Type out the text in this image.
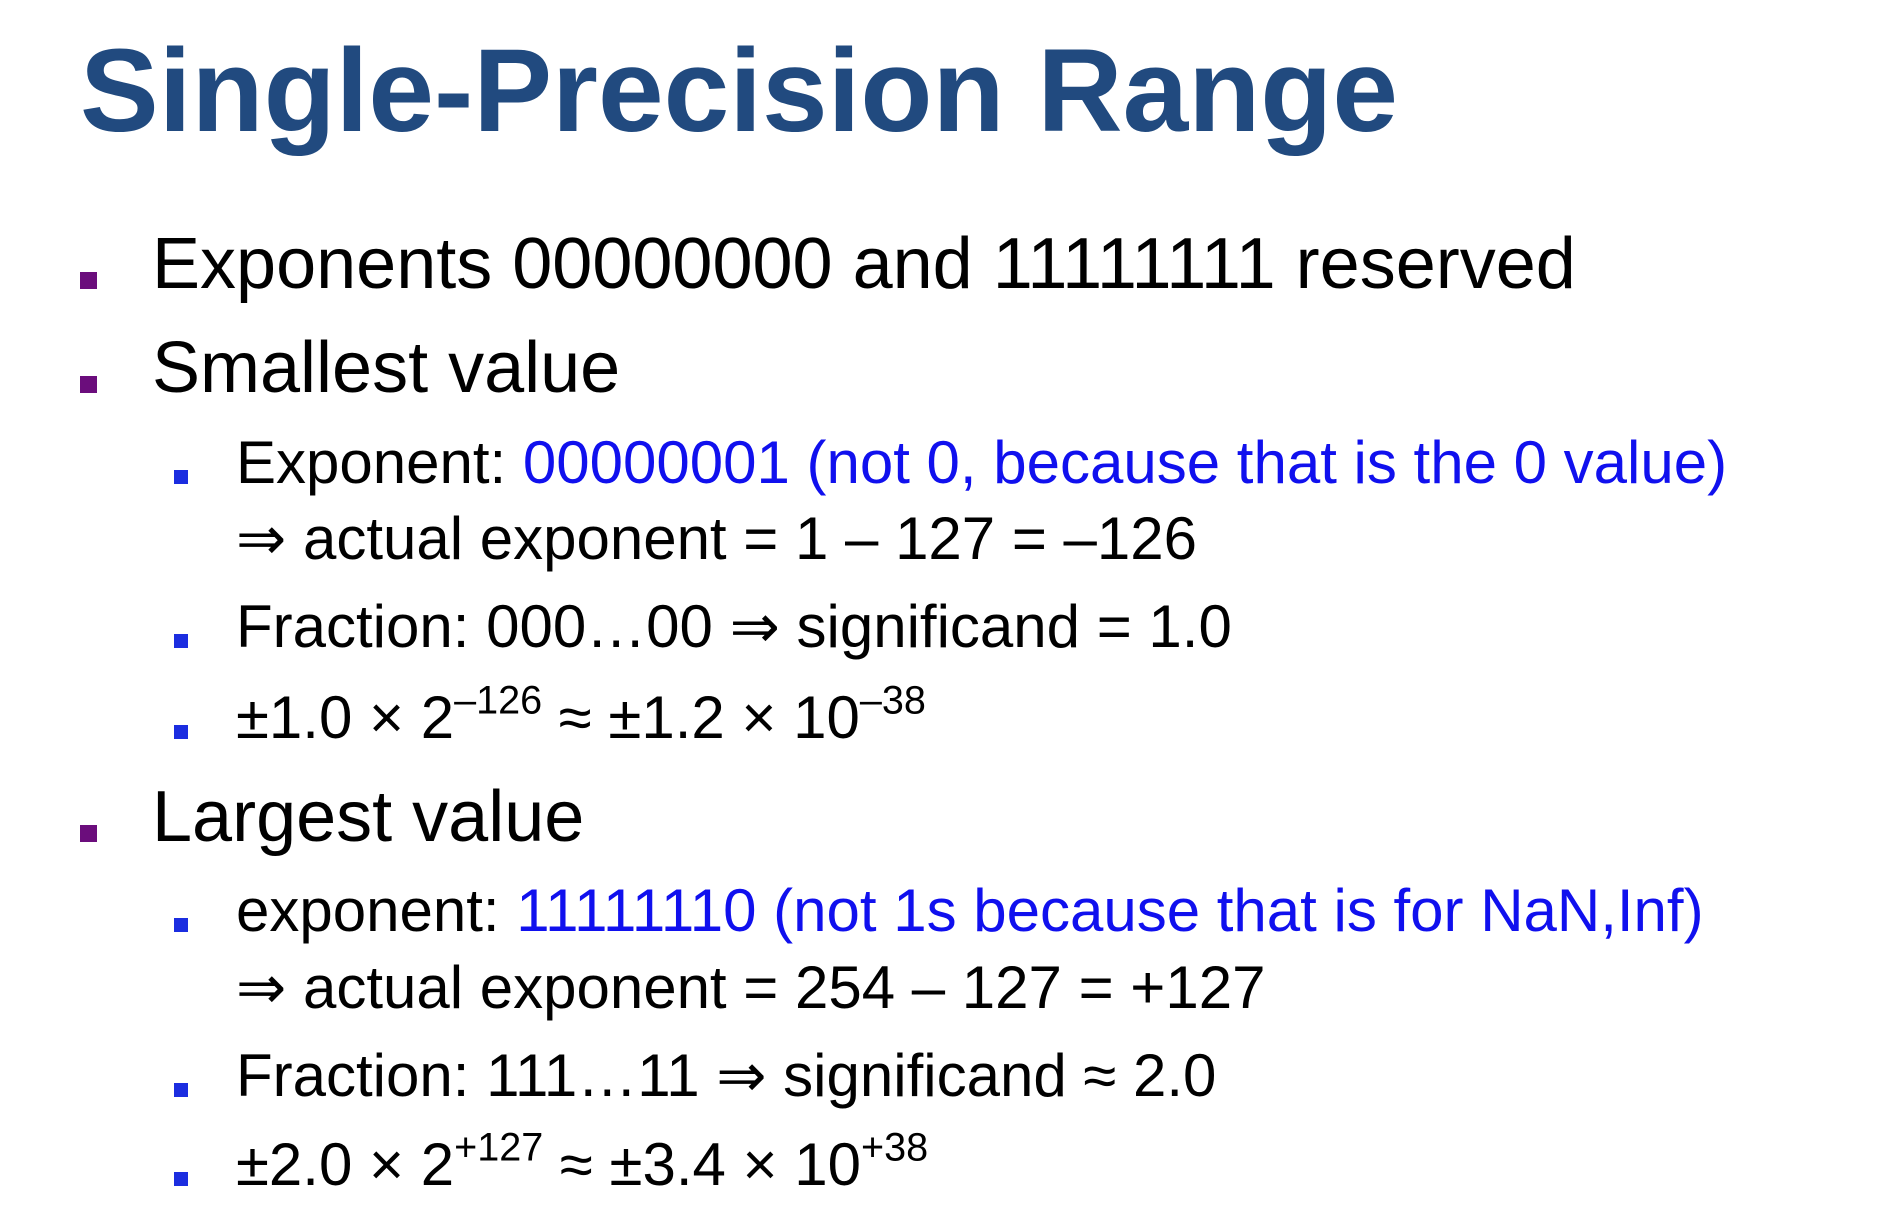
Single-Precision Range
Exponents 00000000 and 11111111 reserved
Smallest value
Exponent: 00000001 (not 0, because that is the 0 value)
⇒ actual exponent = 1 – 127 = –126
Fraction: 000…00 ⇒ significand = 1.0
$\pm 1.0 \times 2^{-126} \approx \pm 1.2 \times 10^{-38}$
Largest value
exponent: 11111110 (not 1s because that is for NaN,Inf)
⇒ actual exponent = 254 – 127 = +127
Fraction: 111…11 ⇒ significand ≈ 2.0
$\pm 2.0 \times 2^{+127} \approx \pm 3.4 \times 10^{+38}$
